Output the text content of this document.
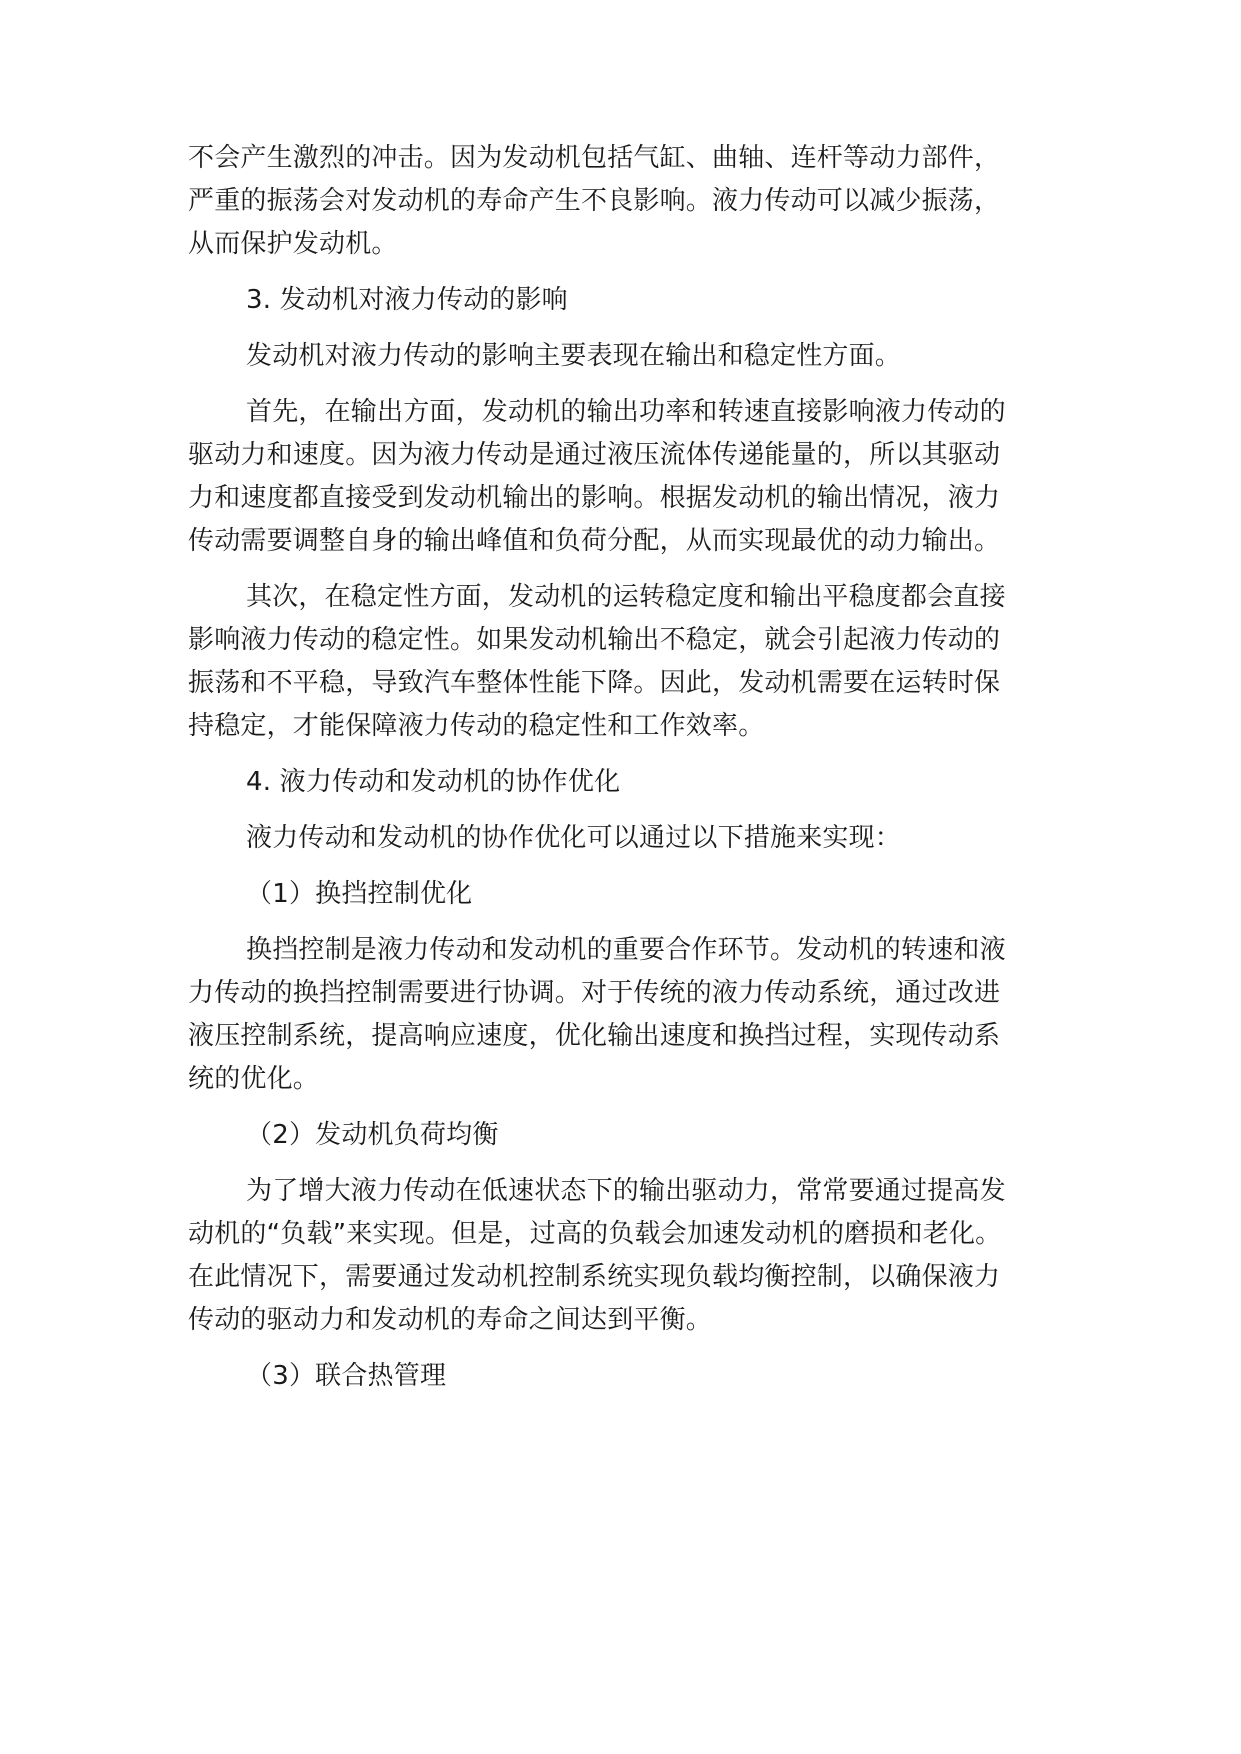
不会产生激烈的冲击。因为发动机包括气缸、曲轴、连杆等动力部件，
严重的振荡会对发动机的寿命产生不良影响。液力传动可以减少振荡，
从而保护发动机。
3. 发动机对液力传动的影响
发动机对液力传动的影响主要表现在输出和稳定性方面。
首先，在输出方面，发动机的输出功率和转速直接影响液力传动的
驱动力和速度。因为液力传动是通过液压流体传递能量的，所以其驱动
力和速度都直接受到发动机输出的影响。根据发动机的输出情况，液力
传动需要调整自身的输出峰值和负荷分配，从而实现最优的动力输出。
其次，在稳定性方面，发动机的运转稳定度和输出平稳度都会直接
影响液力传动的稳定性。如果发动机输出不稳定，就会引起液力传动的
振荡和不平稳，导致汽车整体性能下降。因此，发动机需要在运转时保
持稳定，才能保障液力传动的稳定性和工作效率。
4. 液力传动和发动机的协作优化
液力传动和发动机的协作优化可以通过以下措施来实现：
（1）换挡控制优化
换挡控制是液力传动和发动机的重要合作环节。发动机的转速和液
力传动的换挡控制需要进行协调。对于传统的液力传动系统，通过改进
液压控制系统，提高响应速度，优化输出速度和换挡过程，实现传动系
统的优化。
（2）发动机负荷均衡
为了增大液力传动在低速状态下的输出驱动力，常常要通过提高发
动机的“负载”来实现。但是，过高的负载会加速发动机的磨损和老化。
在此情况下，需要通过发动机控制系统实现负载均衡控制，以确保液力
传动的驱动力和发动机的寿命之间达到平衡。
（3）联合热管理
